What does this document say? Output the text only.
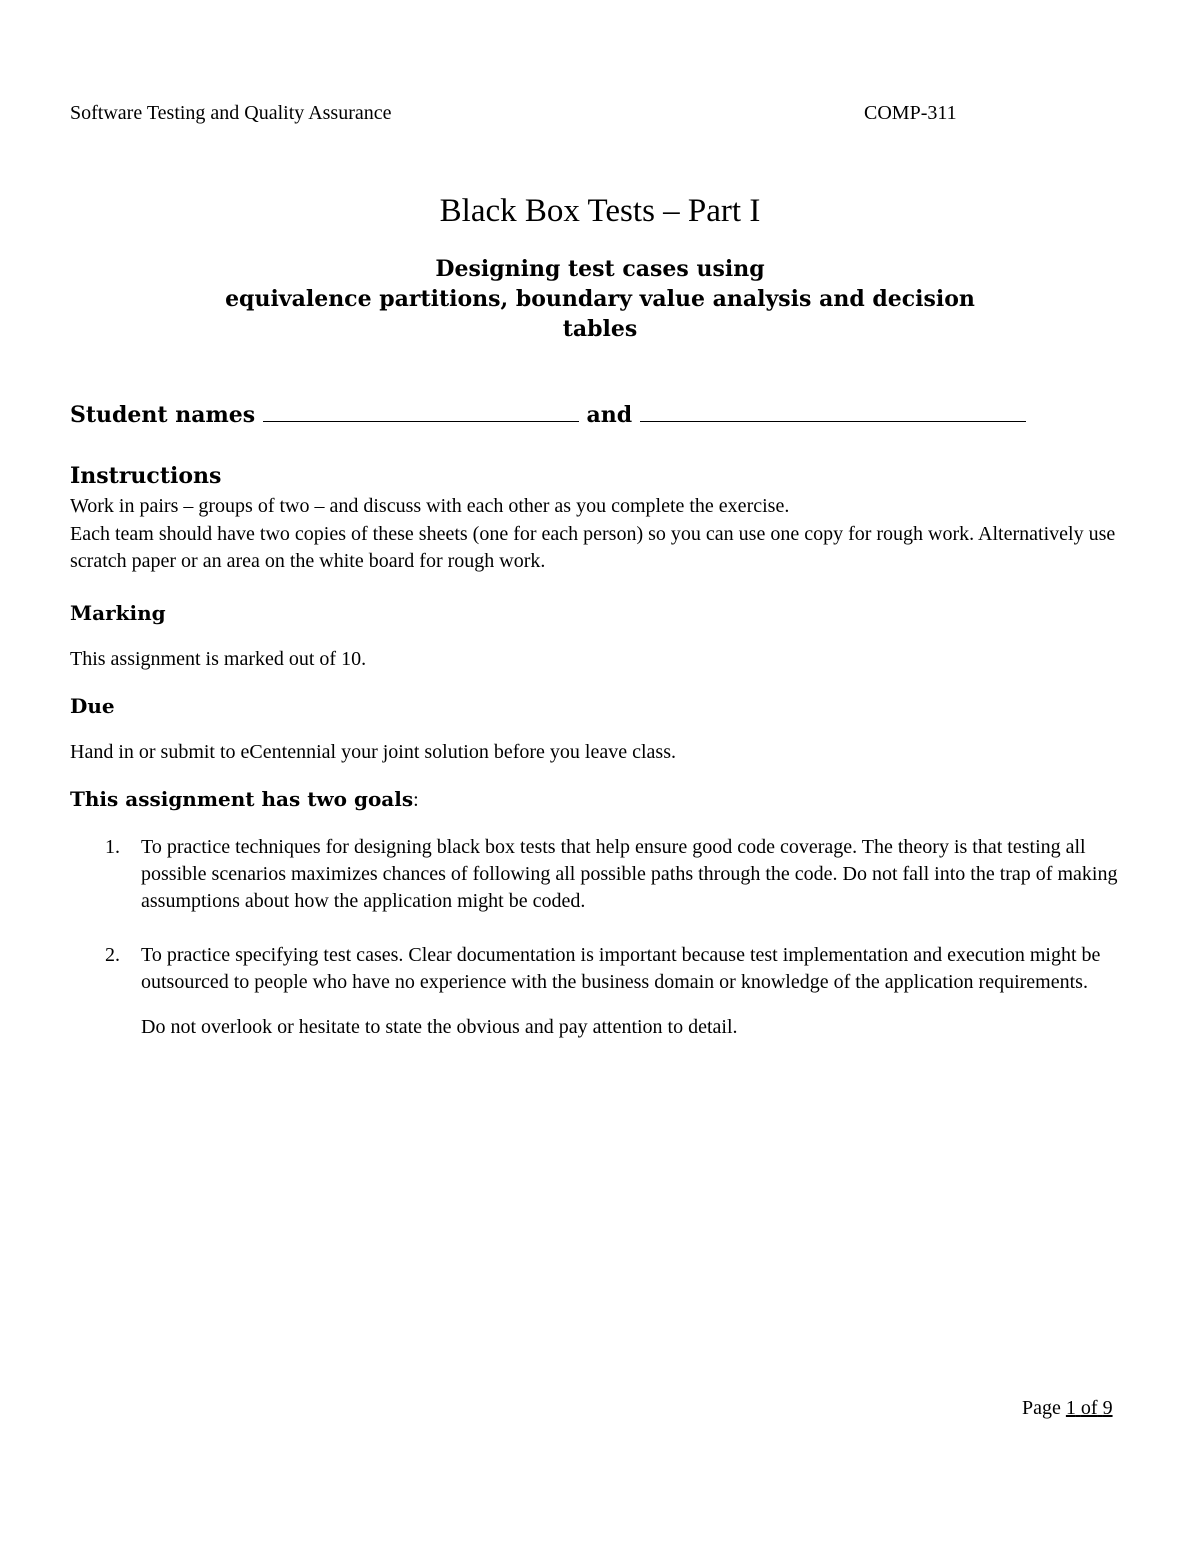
Software Testing and Quality Assurance	COMP-311
Black Box Tests – Part I
Designing test cases using
equivalence partitions, boundary value analysis and decision
tables
Student names	and
Instructions
Work in pairs – groups of two – and discuss with each other as you complete the exercise.
Each team should have two copies of these sheets (one for each person) so you can use one copy for rough work. Alternatively use scratch paper or an area on the white board for rough work.
Marking
This assignment is marked out of 10.
Due
Hand in or submit to eCentennial your joint solution before you leave class.
This assignment has two goals:
1. To practice techniques for designing black box tests that help ensure good code coverage. The theory is that testing all possible scenarios maximizes chances of following all possible paths through the code. Do not fall into the trap of making assumptions about how the application might be coded.
2. To practice specifying test cases. Clear documentation is important because test implementation and execution might be outsourced to people who have no experience with the business domain or knowledge of the application requirements.
Do not overlook or hesitate to state the obvious and pay attention to detail.
Page 1 of 9
